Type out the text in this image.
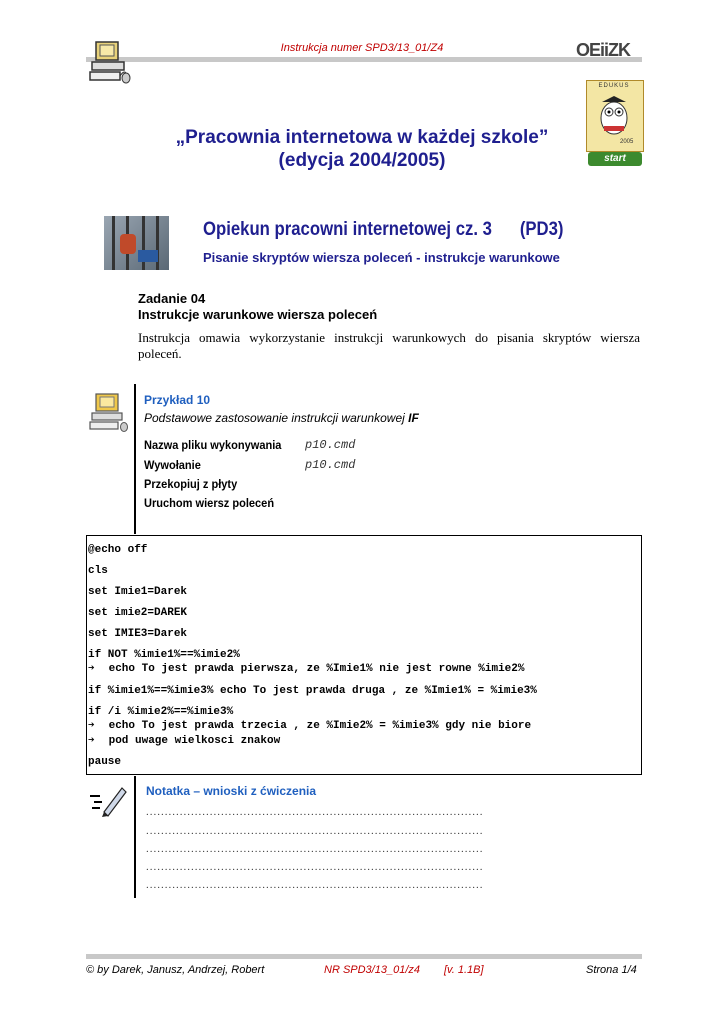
Instrukcja numer SPD3/13_01/Z4	OEiiZK
EDUKUS
2005
start
„Pracownia internetowa w każdej szkole”
(edycja 2004/2005)
Opiekun pracowni internetowej cz. 3      (PD3)
Pisanie skryptów wiersza poleceń - instrukcje warunkowe
Zadanie 04
Instrukcje warunkowe wiersza poleceń
Instrukcja omawia wykorzystanie instrukcji warunkowych do pisania skryptów wiersza poleceń.
Przykład 10
Podstawowe zastosowanie instrukcji warunkowej IF
Nazwa pliku wykonywania p10.cmd
Wywołanie	p10.cmd
Przekopiuj z płyty
Uruchom wiersz poleceń
@echo off
cls
set Imie1=Darek
set imie2=DAREK
set IMIE3=Darek
if NOT %imie1%==%imie2%
➔ echo To jest prawda pierwsza, ze %Imie1% nie jest rowne %imie2%
if %imie1%==%imie3% echo To jest prawda druga , ze %Imie1% = %imie3%
if /i %imie2%==%imie3%
➔ echo To jest prawda trzecia , ze %Imie2% = %imie3% gdy nie biore
➔ pod uwage wielkosci znakow
pause
Notatka – wnioski z ćwiczenia
..........................................................................................
..........................................................................................
..........................................................................................
..........................................................................................
..........................................................................................
© by Darek, Janusz, Andrzej, Robert	NR SPD3/13_01/z4 [v. 1.1B]	Strona 1/4
